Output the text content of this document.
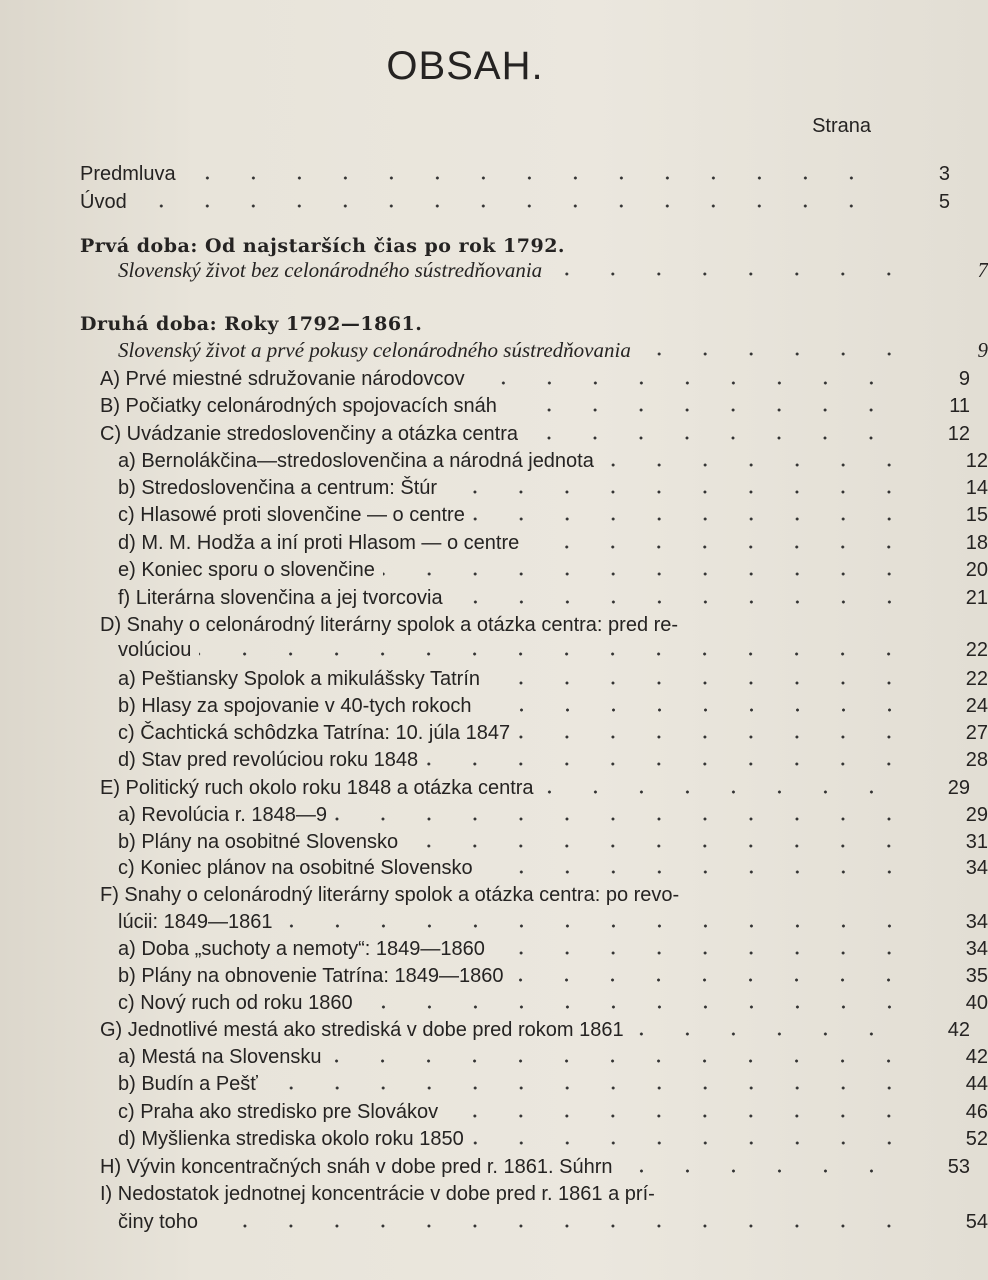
OBSAH.
Strana
Predmluva	3
Úvod	5
Prvá doba: Od najstarších čias po rok 1792.
Slovenský život bez celonárodného sústredňovania	7
Druhá doba: Roky 1792—1861.
Slovenský život a prvé pokusy celonárodného sústredňovania	9
A) Prvé miestné sdružovanie národovcov	9
B) Počiatky celonárodných spojovacích snáh	11
C) Uvádzanie stredoslovenčiny a otázka centra	12
a) Bernolákčina—stredoslovenčina a národná jednota	12
b) Stredoslovenčina a centrum: Štúr	14
c) Hlasowé proti slovenčine — o centre	15
d) M. M. Hodža a iní proti Hlasom — o centre	18
e) Koniec sporu o slovenčine	20
f) Literárna slovenčina a jej tvorcovia	21
D) Snahy o celonárodný literárny spolok a otázka centra: pred re-
volúciou	22
a) Peštiansky Spolok a mikulášsky Tatrín	22
b) Hlasy za spojovanie v 40-tych rokoch	24
c) Čachtická schôdzka Tatrína: 10. júla 1847	27
d) Stav pred revolúciou roku 1848	28
E) Politický ruch okolo roku 1848 a otázka centra	29
a) Revolúcia r. 1848—9	29
b) Plány na osobitné Slovensko	31
c) Koniec plánov na osobitné Slovensko	34
F) Snahy o celonárodný literárny spolok a otázka centra: po revo-
lúcii: 1849—1861	34
a) Doba „suchoty a nemoty“: 1849—1860	34
b) Plány na obnovenie Tatrína: 1849—1860	35
c) Nový ruch od roku 1860	40
G) Jednotlivé mestá ako strediská v dobe pred rokom 1861	42
a) Mestá na Slovensku	42
b) Budín a Pešť	44
c) Praha ako stredisko pre Slovákov	46
d) Myšlienka strediska okolo roku 1850	52
H) Vývin koncentračných snáh v dobe pred r. 1861. Súhrn	53
I) Nedostatok jednotnej koncentrácie v dobe pred r. 1861 a prí-
činy toho	54
